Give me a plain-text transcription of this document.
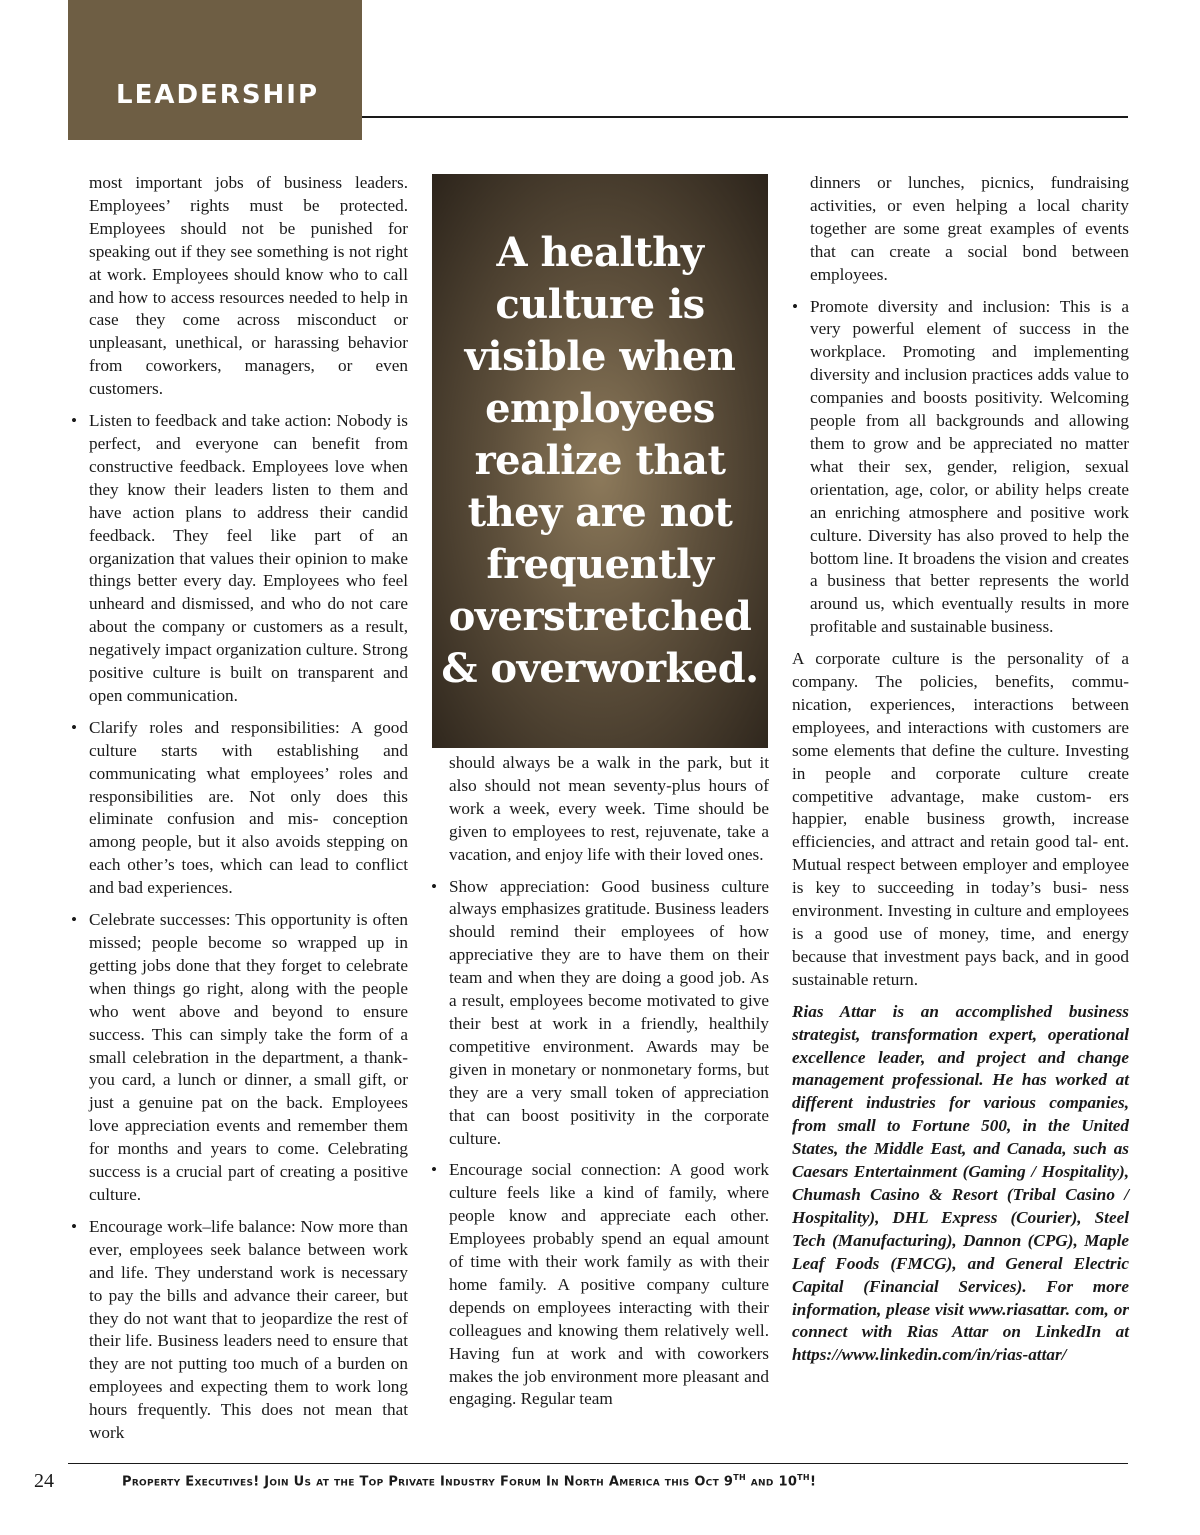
LEADERSHIP

most important jobs of business leaders. Employees’ rights must be protected. Employees should not be punished for speaking out if they see something is not right at work. Employees should know who to call and how to access resources needed to help in case they come across misconduct or unpleasant, unethical, or harassing behavior from coworkers, managers, or even customers.

• Listen to feedback and take action: Nobody is perfect, and everyone can benefit from constructive feedback. Employees love when they know their leaders listen to them and have action plans to address their candid feedback. They feel like part of an organization that values their opinion to make things better every day. Employees who feel unheard and dismissed, and who do not care about the company or customers as a result, negatively impact organization culture. Strong positive culture is built on transparent and open communication.
• Clarify roles and responsibilities: A good culture starts with establishing and communicating what employees’ roles and responsibilities are. Not only does this eliminate confusion and mis- conception among people, but it also avoids stepping on each other’s toes, which can lead to conflict and bad experiences.
• Celebrate successes: This opportunity is often missed; people become so wrapped up in getting jobs done that they forget to celebrate when things go right, along with the people who went above and beyond to ensure success. This can simply take the form of a small celebration in the department, a thank-you card, a lunch or dinner, a small gift, or just a genuine pat on the back. Employees love appreciation events and remember them for months and years to come. Celebrating success is a crucial part of creating a positive culture.
• Encourage work–life balance: Now more than ever, employees seek balance between work and life. They understand work is necessary to pay the bills and advance their career, but they do not want that to jeopardize the rest of their life. Business leaders need to ensure that they are not putting too much of a burden on employees and expecting them to work long hours frequently. This does not mean that work
A healthy culture is visible when employees realize that they are not frequently overstretched & overworked.

should always be a walk in the park, but it also should not mean seventy-plus hours of work a week, every week. Time should be given to employees to rest, rejuvenate, take a vacation, and enjoy life with their loved ones.

• Show appreciation: Good business culture always emphasizes gratitude. Business leaders should remind their employees of how appreciative they are to have them on their team and when they are doing a good job. As a result, employees become motivated to give their best at work in a friendly, healthily competitive environment. Awards may be given in monetary or nonmonetary forms, but they are a very small token of appreciation that can boost positivity in the corporate culture.
• Encourage social connection: A good work culture feels like a kind of family, where people know and appreciate each other. Employees probably spend an equal amount of time with their work family as with their home family. A positive company culture depends on employees interacting with their colleagues and knowing them relatively well. Having fun at work and with coworkers makes the job environment more pleasant and engaging. Regular team

dinners or lunches, picnics, fundraising activities, or even helping a local charity together are some great examples of events that can create a social bond between employees.

• Promote diversity and inclusion: This is a very powerful element of success in the workplace. Promoting and implementing diversity and inclusion practices adds value to companies and boosts positivity. Welcoming people from all backgrounds and allowing them to grow and be appreciated no matter what their sex, gender, religion, sexual orientation, age, color, or ability helps create an enriching atmosphere and positive work culture. Diversity has also proved to help the bottom line. It broadens the vision and creates a business that better represents the world around us, which eventually results in more profitable and sustainable business.

A corporate culture is the personality of a company. The policies, benefits, commu- nication, experiences, interactions between employees, and interactions with customers are some elements that define the culture. Investing in people and corporate culture create competitive advantage, make custom- ers happier, enable business growth, increase efficiencies, and attract and retain good tal- ent. Mutual respect between employer and employee is key to succeeding in today’s busi- ness environment. Investing in culture and employees is a good use of money, time, and energy because that investment pays back, and in good sustainable return.

Rias Attar is an accomplished business strategist, transformation expert, operational excellence leader, and project and change management professional. He has worked at different industries for various companies, from small to Fortune 500, in the United States, the Middle East, and Canada, such as Caesars Entertainment (Gaming / Hospitality), Chumash Casino & Resort (Tribal Casino / Hospitality), DHL Express (Courier), Steel Tech (Manufacturing), Dannon (CPG), Maple Leaf Foods (FMCG), and General Electric Capital (Financial Services). For more information, please visit www.riasattar. com, or connect with Rias Attar on LinkedIn at https://www.linkedin.com/in/rias-attar/

24	Property Executives! Join Us at the Top Private Industry Forum In North America this Oct 9TH and 10TH!
